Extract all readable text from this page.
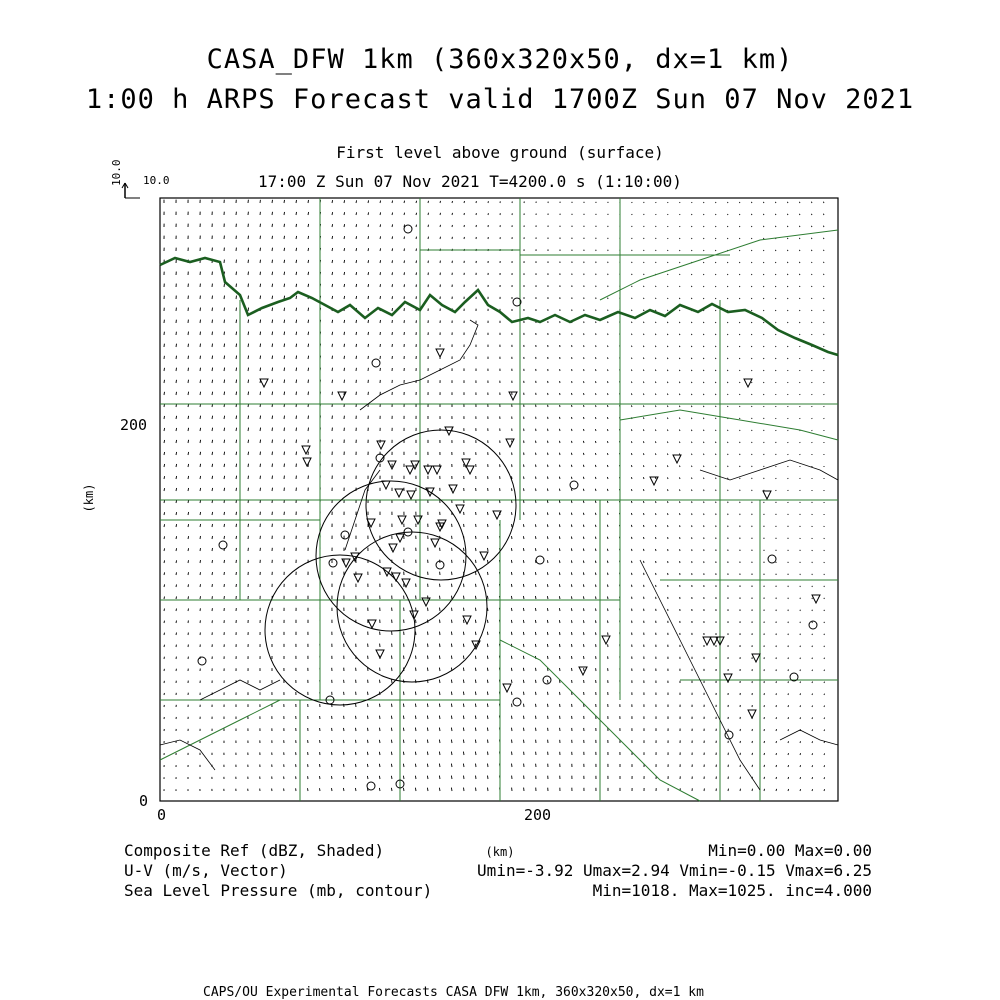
CASA_DFW 1km (360x320x50, dx=1 km)
1:00 h ARPS Forecast valid 1700Z Sun 07 Nov 2021
First level above ground (surface)
17:00 Z Sun 07 Nov 2021 T=4200.0 s (1:10:00)
10.0 10.0
0	200
0
200
(km)
(km)
Composite Ref (dBZ, Shaded)	Min=0.00 Max=0.00
U-V (m/s, Vector)	Umin=-3.92 Umax=2.94 Vmin=-0.15 Vmax=6.25
Sea Level Pressure (mb, contour)	Min=1018. Max=1025. inc=4.000
CAPS/OU Experimental Forecasts CASA DFW 1km, 360x320x50, dx=1 km
